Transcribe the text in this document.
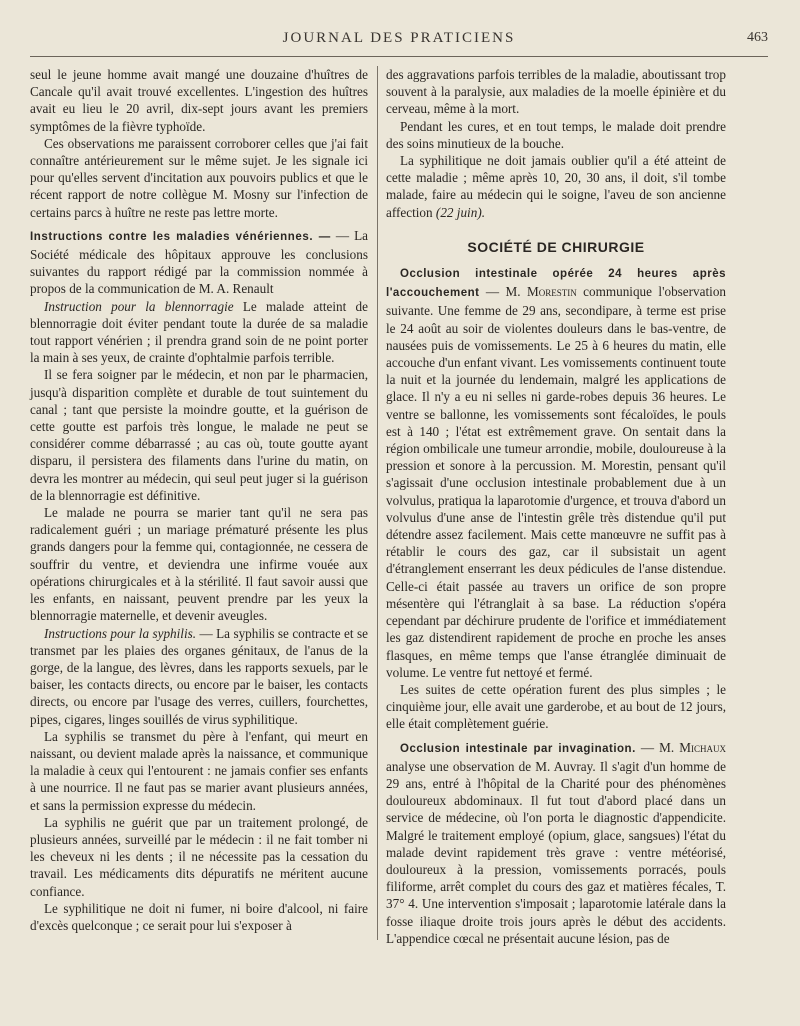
JOURNAL DES PRATICIENS	463

seul le jeune homme avait mangé une douzaine d'huîtres de Cancale qu'il avait trouvé excellentes. L'ingestion des huîtres avait eu lieu le 20 avril, dix-sept jours avant les premiers symptômes de la fièvre typhoïde.

Ces observations me paraissent corroborer celles que j'ai fait connaître antérieurement sur le même sujet. Je les signale ici pour qu'elles servent d'incitation aux pouvoirs publics et que le récent rapport de notre collègue M. Mosny sur l'infection de certains parcs à huître ne reste pas lettre morte.

Instructions contre les maladies vénériennes. — — La Société médicale des hôpitaux approuve les conclusions suivantes du rapport rédigé par la commission nommée à propos de la communication de M. A. Renault

Instruction pour la blennorragie Le malade atteint de blennorragie doit éviter pendant toute la durée de sa maladie tout rapport vénérien ; il prendra grand soin de ne point porter la main à ses yeux, de crainte d'ophtalmie parfois terrible.

Il se fera soigner par le médecin, et non par le pharmacien, jusqu'à disparition complète et durable de tout suintement du canal ; tant que persiste la moindre goutte, et la guérison de cette goutte est parfois très longue, le malade ne peut se considérer comme débarrassé ; au cas où, toute goutte ayant disparu, il persistera des filaments dans l'urine du matin, on devra les montrer au médecin, qui seul peut juger si la guérison de la blennorragie est définitive.

Le malade ne pourra se marier tant qu'il ne sera pas radicalement guéri ; un mariage prématuré présente les plus grands dangers pour la femme qui, contagionnée, ne cessera de souffrir du ventre, et deviendra une infirme vouée aux opérations chirurgicales et à la stérilité. Il faut savoir aussi que les enfants, en naissant, peuvent prendre par les yeux la blennorragie maternelle, et devenir aveugles.

Instructions pour la syphilis. — La syphilis se contracte et se transmet par les plaies des organes génitaux, de l'anus de la gorge, de la langue, des lèvres, dans les rapports sexuels, par le baiser, les contacts directs, ou encore par le baiser, les contacts directs, ou encore par l'usage des verres, cuillers, fourchettes, pipes, cigares, linges souillés de virus syphilitique.

La syphilis se transmet du père à l'enfant, qui meurt en naissant, ou devient malade après la naissance, et communique la maladie à ceux qui l'entourent : ne jamais confier ses enfants à une nourrice. Il ne faut pas se marier avant plusieurs années, et sans la permission expresse du médecin.

La syphilis ne guérit que par un traitement prolongé, de plusieurs années, surveillé par le médecin : il ne fait tomber ni les cheveux ni les dents ; il ne nécessite pas la cessation du travail. Les médicaments dits dépuratifs ne méritent aucune confiance.

Le syphilitique ne doit ni fumer, ni boire d'alcool, ni faire d'excès quelconque ; ce serait pour lui s'exposer à

des aggravations parfois terribles de la maladie, aboutissant trop souvent à la paralysie, aux maladies de la moelle épinière et du cerveau, même à la mort.

Pendant les cures, et en tout temps, le malade doit prendre des soins minutieux de la bouche.

La syphilitique ne doit jamais oublier qu'il a été atteint de cette maladie ; même après 10, 20, 30 ans, il doit, s'il tombe malade, faire au médecin qui le soigne, l'aveu de son ancienne affection (22 juin).

SOCIÉTÉ DE CHIRURGIE

Occlusion intestinale opérée 24 heures après l'accouchement — M. Morestin communique l'observation suivante. Une femme de 29 ans, secondipare, à terme est prise le 24 août au soir de violentes douleurs dans le bas-ventre, de nausées puis de vomissements. Le 25 à 6 heures du matin, elle accouche d'un enfant vivant. Les vomissements continuent toute la nuit et la journée du lendemain, malgré les applications de glace. Il n'y a eu ni selles ni garde-robes depuis 36 heures. Le ventre se ballonne, les vomissements sont fécaloïdes, le pouls est à 140 ; l'état est extrêmement grave. On sentait dans la région ombilicale une tumeur arrondie, mobile, douloureuse à la pression et sonore à la percussion. M. Morestin, pensant qu'il s'agissait d'une occlusion intestinale probablement due à un volvulus, pratiqua la laparotomie d'urgence, et trouva d'abord un volvulus d'une anse de l'intestin grêle très distendue qu'il put détendre assez facilement. Mais cette manœuvre ne suffit pas à rétablir le cours des gaz, car il subsistait un agent d'étranglement enserrant les deux pédicules de l'anse distendue. Celle-ci était passée au travers un orifice de son propre mésentère qui l'étranglait à sa base. La réduction s'opéra cependant par déchirure prudente de l'orifice et immédiatement les gaz distendirent rapidement de proche en proche les anses flasques, en même temps que l'anse étranglée diminuait de volume. Le ventre fut nettoyé et fermé.

Les suites de cette opération furent des plus simples ; le cinquième jour, elle avait une garderobe, et au bout de 12 jours, elle était complètement guérie.

Occlusion intestinale par invagination. — M. Michaux analyse une observation de M. Auvray. Il s'agit d'un homme de 29 ans, entré à l'hôpital de la Charité pour des phénomènes douloureux abdominaux. Il fut tout d'abord placé dans un service de médecine, où l'on porta le diagnostic d'appendicite. Malgré le traitement employé (opium, glace, sangsues) l'état du malade devint rapidement très grave : ventre météorisé, douloureux à la pression, vomissements porracés, pouls filiforme, arrêt complet du cours des gaz et matières fécales, T. 37° 4. Une intervention s'imposait ; laparotomie latérale dans la fosse iliaque droite trois jours après le début des accidents. L'appendice cœcal ne présentait aucune lésion, pas de
